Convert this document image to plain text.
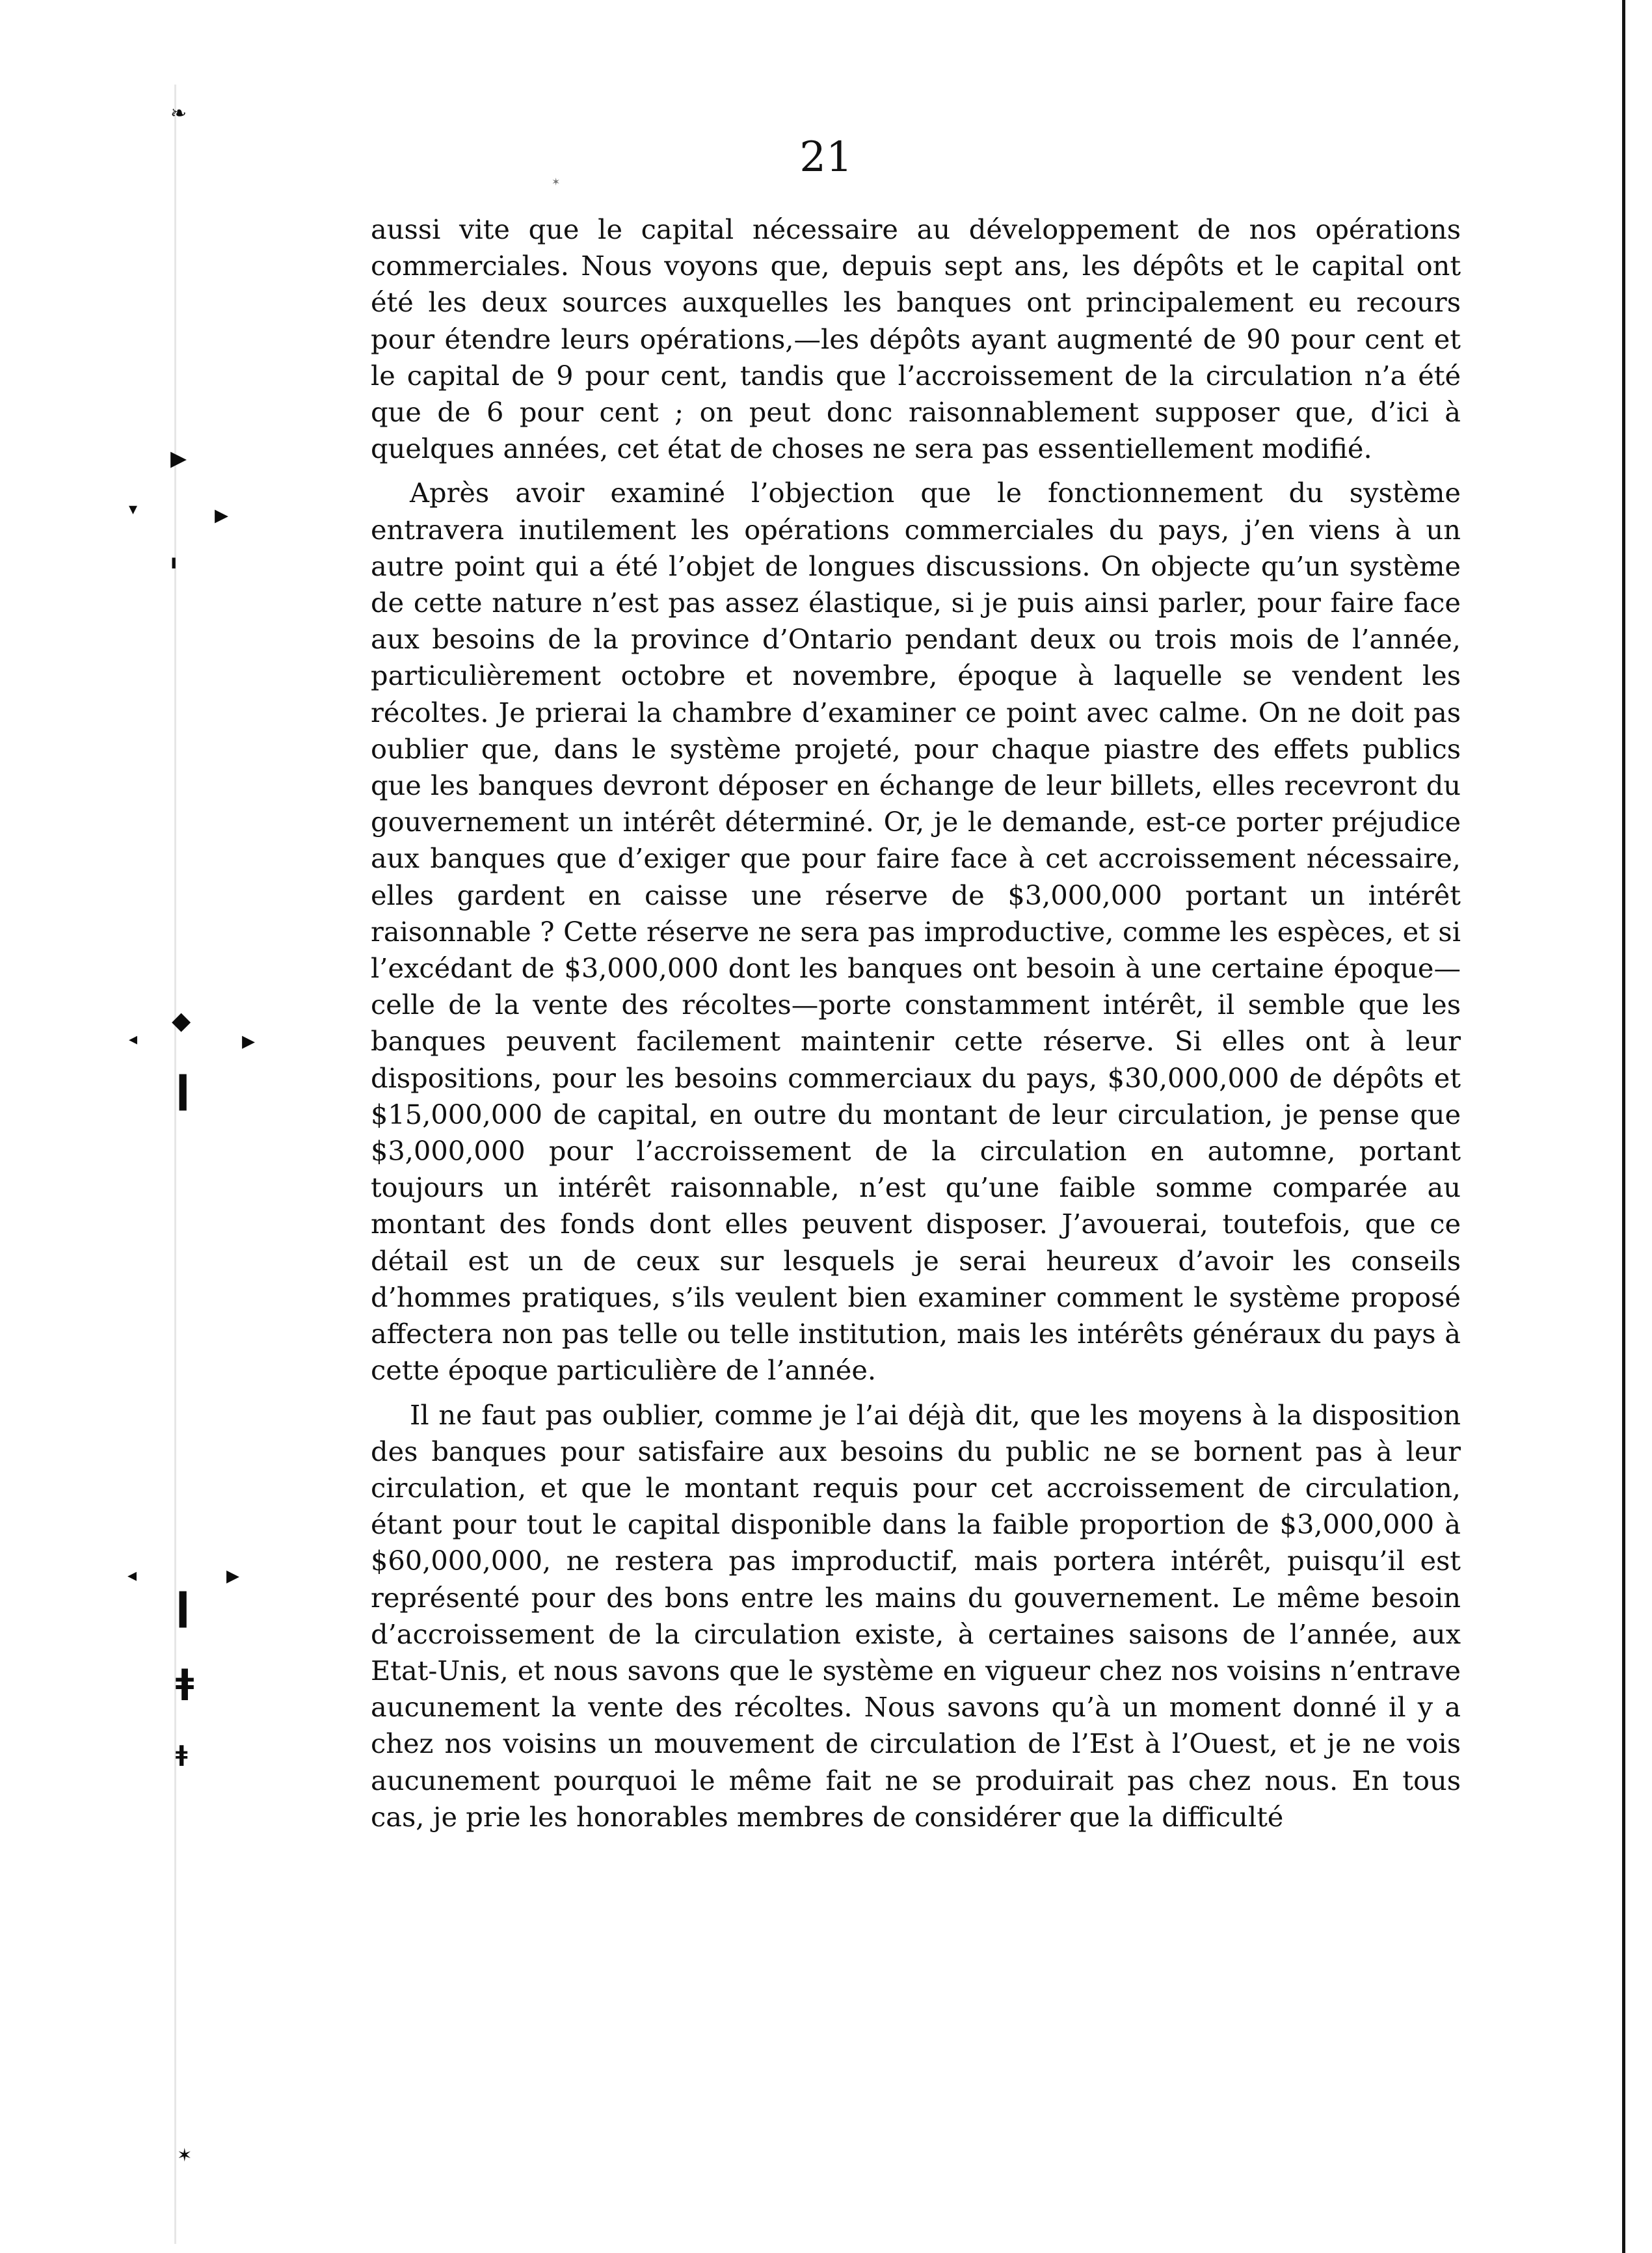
❧
✶
▸
▾
ı
▸
◂	▸
◆
ǀ
◂	▸
ǀ
ǂ
ǂ
✶
21

aussi vite que le capital nécessaire au développement de nos opérations commerciales. Nous voyons que, depuis sept ans, les dépôts et le capital ont été les deux sources auxquelles les banques ont principalement eu recours pour étendre leurs opérations,—les dépôts ayant augmenté de 90 pour cent et le capital de 9 pour cent, tandis que l’accroissement de la circulation n’a été que de 6 pour cent ; on peut donc raisonnablement supposer que, d’ici à quelques années, cet état de choses ne sera pas essentiellement modifié.

Après avoir examiné l’objection que le fonctionnement du système entravera inutilement les opérations commerciales du pays, j’en viens à un autre point qui a été l’objet de longues discussions. On objecte qu’un système de cette nature n’est pas assez élastique, si je puis ainsi parler, pour faire face aux besoins de la province d’Ontario pendant deux ou trois mois de l’année, particulièrement octobre et novembre, époque à laquelle se vendent les récoltes. Je prierai la chambre d’examiner ce point avec calme. On ne doit pas oublier que, dans le système projeté, pour chaque piastre des effets publics que les banques devront déposer en échange de leur billets, elles recevront du gouvernement un intérêt déterminé. Or, je le demande, est-ce porter préjudice aux banques que d’exiger que pour faire face à cet accroissement nécessaire, elles gardent en caisse une réserve de $3,000,000 portant un intérêt raisonnable ? Cette réserve ne sera pas improductive, comme les espèces, et si l’excédant de $3,000,000 dont les banques ont besoin à une certaine époque—celle de la vente des récoltes—porte constamment intérêt, il semble que les banques peuvent facilement maintenir cette réserve. Si elles ont à leur dispositions, pour les besoins commerciaux du pays, $30,000,000 de dépôts et $15,000,000 de capital, en outre du montant de leur circulation, je pense que $3,000,000 pour l’accroissement de la circulation en automne, portant toujours un intérêt raisonnable, n’est qu’une faible somme comparée au montant des fonds dont elles peuvent disposer. J’avouerai, toutefois, que ce détail est un de ceux sur lesquels je serai heureux d’avoir les conseils d’hommes pratiques, s’ils veulent bien examiner comment le système proposé affectera non pas telle ou telle institution, mais les intérêts généraux du pays à cette époque particulière de l’année.

Il ne faut pas oublier, comme je l’ai déjà dit, que les moyens à la disposition des banques pour satisfaire aux besoins du public ne se bornent pas à leur circulation, et que le montant requis pour cet accroissement de circulation, étant pour tout le capital disponible dans la faible proportion de $3,000,000 à $60,000,000, ne restera pas improductif, mais portera intérêt, puisqu’il est représenté pour des bons entre les mains du gouvernement. Le même besoin d’accroissement de la circulation existe, à certaines saisons de l’année, aux Etat-Unis, et nous savons que le système en vigueur chez nos voisins n’entrave aucunement la vente des récoltes. Nous savons qu’à un moment donné il y a chez nos voisins un mouvement de circulation de l’Est à l’Ouest, et je ne vois aucunement pourquoi le même fait ne se produirait pas chez nous. En tous cas, je prie les honorables membres de considérer que la difficulté
